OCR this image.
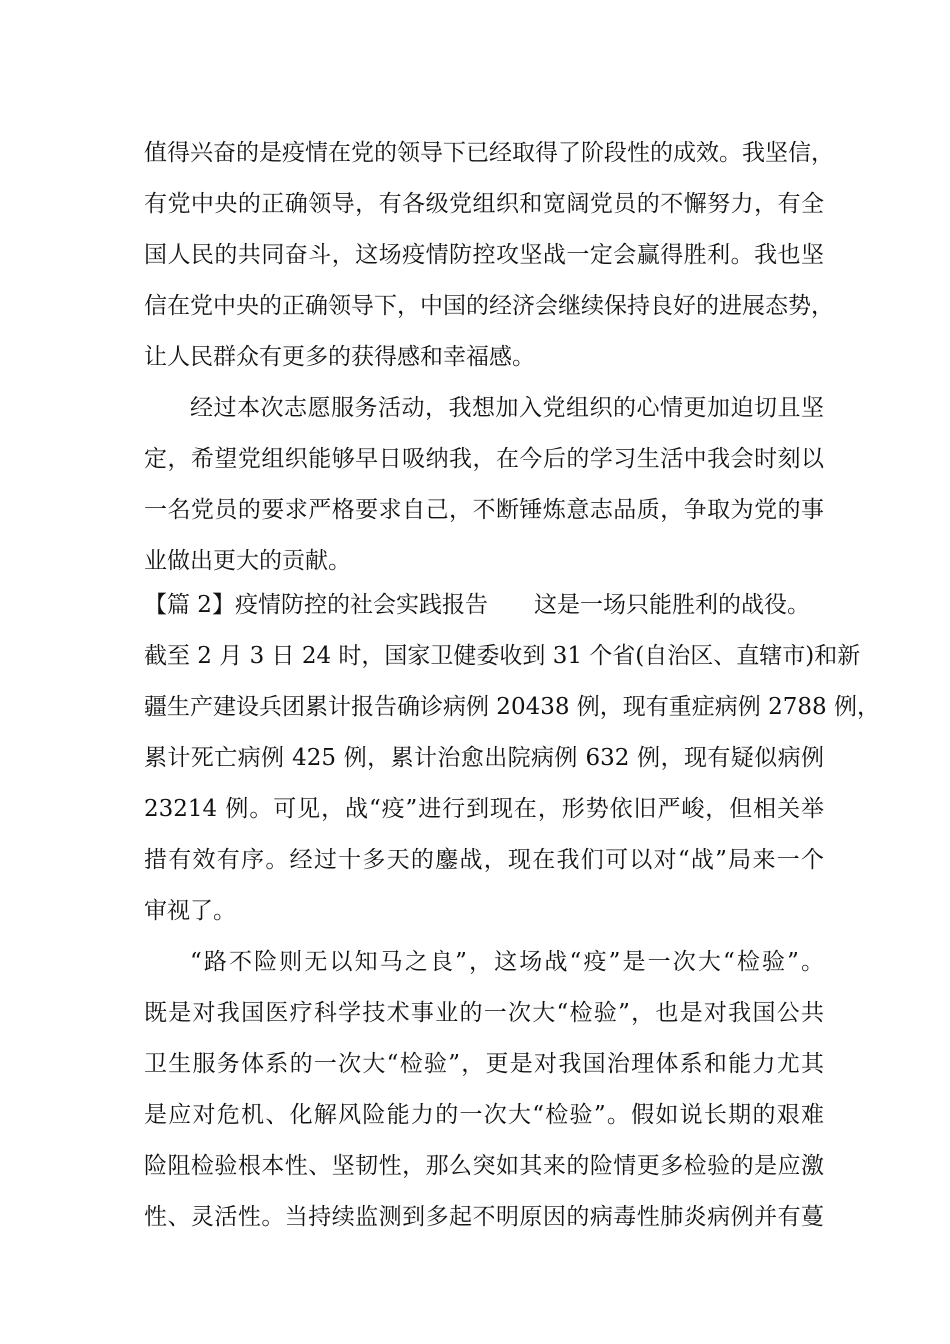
值得兴奋的是疫情在党的领导下已经取得了阶段性的成效。我坚信，
有党中央的正确领导，有各级党组织和宽阔党员的不懈努力，有全
国人民的共同奋斗，这场疫情防控攻坚战一定会赢得胜利。我也坚
信在党中央的正确领导下，中国的经济会继续保持良好的进展态势，
让人民群众有更多的获得感和幸福感。
经过本次志愿服务活动，我想加入党组织的心情更加迫切且坚
定，希望党组织能够早日吸纳我，在今后的学习生活中我会时刻以
一名党员的要求严格要求自己，不断锤炼意志品质，争取为党的事
业做出更大的贡献。
【篇 2】疫情防控的社会实践报告　　这是一场只能胜利的战役。
截至 2 月 3 日 24 时，国家卫健委收到 31 个省(自治区、直辖市)和新
疆生产建设兵团累计报告确诊病例 20438 例，现有重症病例 2788 例，
累计死亡病例 425 例，累计治愈出院病例 632 例，现有疑似病例
23214 例。可见，战“疫”进行到现在，形势依旧严峻，但相关举
措有效有序。经过十多天的鏖战，现在我们可以对“战”局来一个
审视了。
“路不险则无以知马之良”，这场战“疫”是一次大“检验”。
既是对我国医疗科学技术事业的一次大“检验”，也是对我国公共
卫生服务体系的一次大“检验”，更是对我国治理体系和能力尤其
是应对危机、化解风险能力的一次大“检验”。假如说长期的艰难
险阻检验根本性、坚韧性，那么突如其来的险情更多检验的是应激
性、灵活性。当持续监测到多起不明原因的病毒性肺炎病例并有蔓
